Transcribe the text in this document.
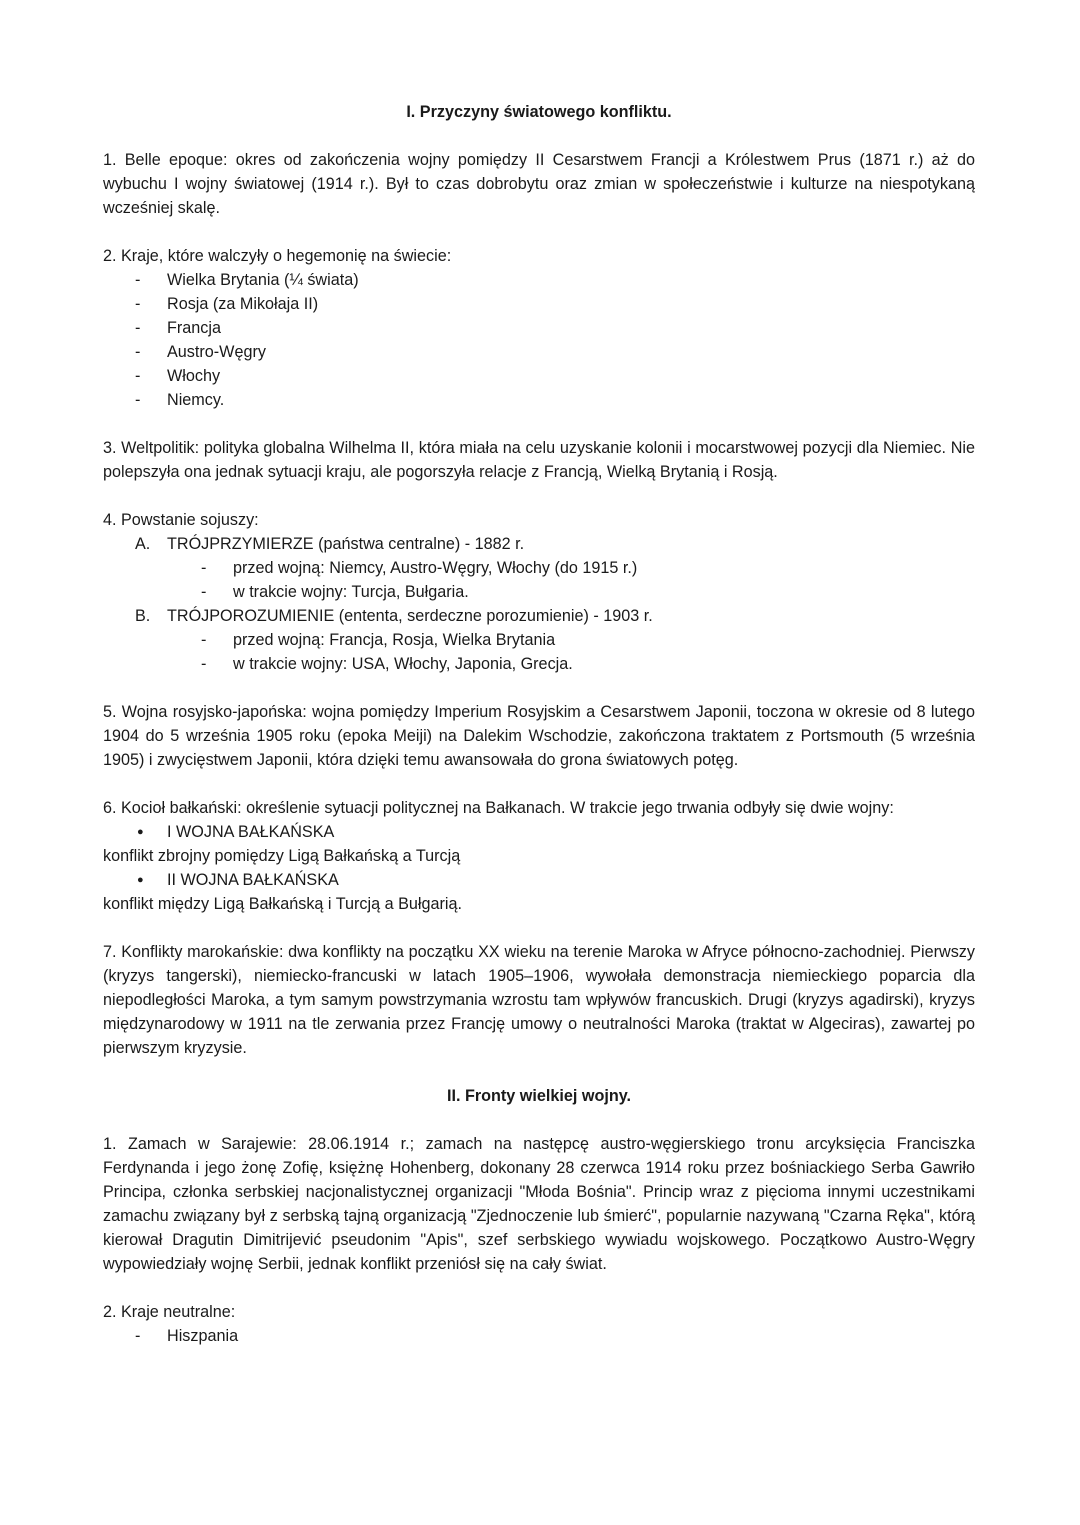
I. Przyczyny światowego konfliktu.

1. Belle epoque: okres od zakończenia wojny pomiędzy II Cesarstwem Francji a Królestwem Prus (1871 r.) aż do wybuchu I wojny światowej (1914 r.). Był to czas dobrobytu oraz zmian w społeczeństwie i kulturze na niespotykaną wcześniej skalę.

2. Kraje, które walczyły o hegemonię na świecie:

- Wielka Brytania (¼ świata)
- Rosja (za Mikołaja II)
- Francja
- Austro-Węgry
- Włochy
- Niemcy.

3. Weltpolitik: polityka globalna Wilhelma II, która miała na celu uzyskanie kolonii i mocarstwowej pozycji dla Niemiec. Nie polepszyła ona jednak sytuacji kraju, ale pogorszyła relacje z Francją, Wielką Brytanią i Rosją.

4. Powstanie sojuszy:

A. TRÓJPRZYMIERZE (państwa centralne) - 1882 r.
- przed wojną: Niemcy, Austro-Węgry, Włochy (do 1915 r.)
- w trakcie wojny: Turcja, Bułgaria.
B. TRÓJPOROZUMIENIE (ententa, serdeczne porozumienie) - 1903 r.
- przed wojną: Francja, Rosja, Wielka Brytania
- w trakcie wojny: USA, Włochy, Japonia, Grecja.

5. Wojna rosyjsko-japońska: wojna pomiędzy Imperium Rosyjskim a Cesarstwem Japonii, toczona w okresie od 8 lutego 1904 do 5 września 1905 roku (epoka Meiji) na Dalekim Wschodzie, zakończona traktatem z Portsmouth (5 września 1905) i zwycięstwem Japonii, która dzięki temu awansowała do grona światowych potęg.

6. Kocioł bałkański: określenie sytuacji politycznej na Bałkanach. W trakcie jego trwania odbyły się dwie wojny:

● I WOJNA BAŁKAŃSKA

konflikt zbrojny pomiędzy Ligą Bałkańską a Turcją

● II WOJNA BAŁKAŃSKA

konflikt między Ligą Bałkańską i Turcją a Bułgarią.

7. Konflikty marokańskie: dwa konflikty na początku XX wieku na terenie Maroka w Afryce północno-zachodniej. Pierwszy (kryzys tangerski), niemiecko-francuski w latach 1905–1906, wywołała demonstracja niemieckiego poparcia dla niepodległości Maroka, a tym samym powstrzymania wzrostu tam wpływów francuskich. Drugi (kryzys agadirski), kryzys międzynarodowy w 1911 na tle zerwania przez Francję umowy o neutralności Maroka (traktat w Algeciras), zawartej po pierwszym kryzysie.

II. Fronty wielkiej wojny.

1. Zamach w Sarajewie: 28.06.1914 r.; zamach na następcę austro-węgierskiego tronu arcyksięcia Franciszka Ferdynanda i jego żonę Zofię, księżnę Hohenberg, dokonany 28 czerwca 1914 roku przez bośniackiego Serba Gawriło Principa, członka serbskiej nacjonalistycznej organizacji "Młoda Bośnia". Princip wraz z pięcioma innymi uczestnikami zamachu związany był z serbską tajną organizacją "Zjednoczenie lub śmierć", popularnie nazywaną "Czarna Ręka", którą kierował Dragutin Dimitrijević pseudonim "Apis", szef serbskiego wywiadu wojskowego. Początkowo Austro-Węgry wypowiedziały wojnę Serbii, jednak konflikt przeniósł się na cały świat.

2. Kraje neutralne:

- Hiszpania
